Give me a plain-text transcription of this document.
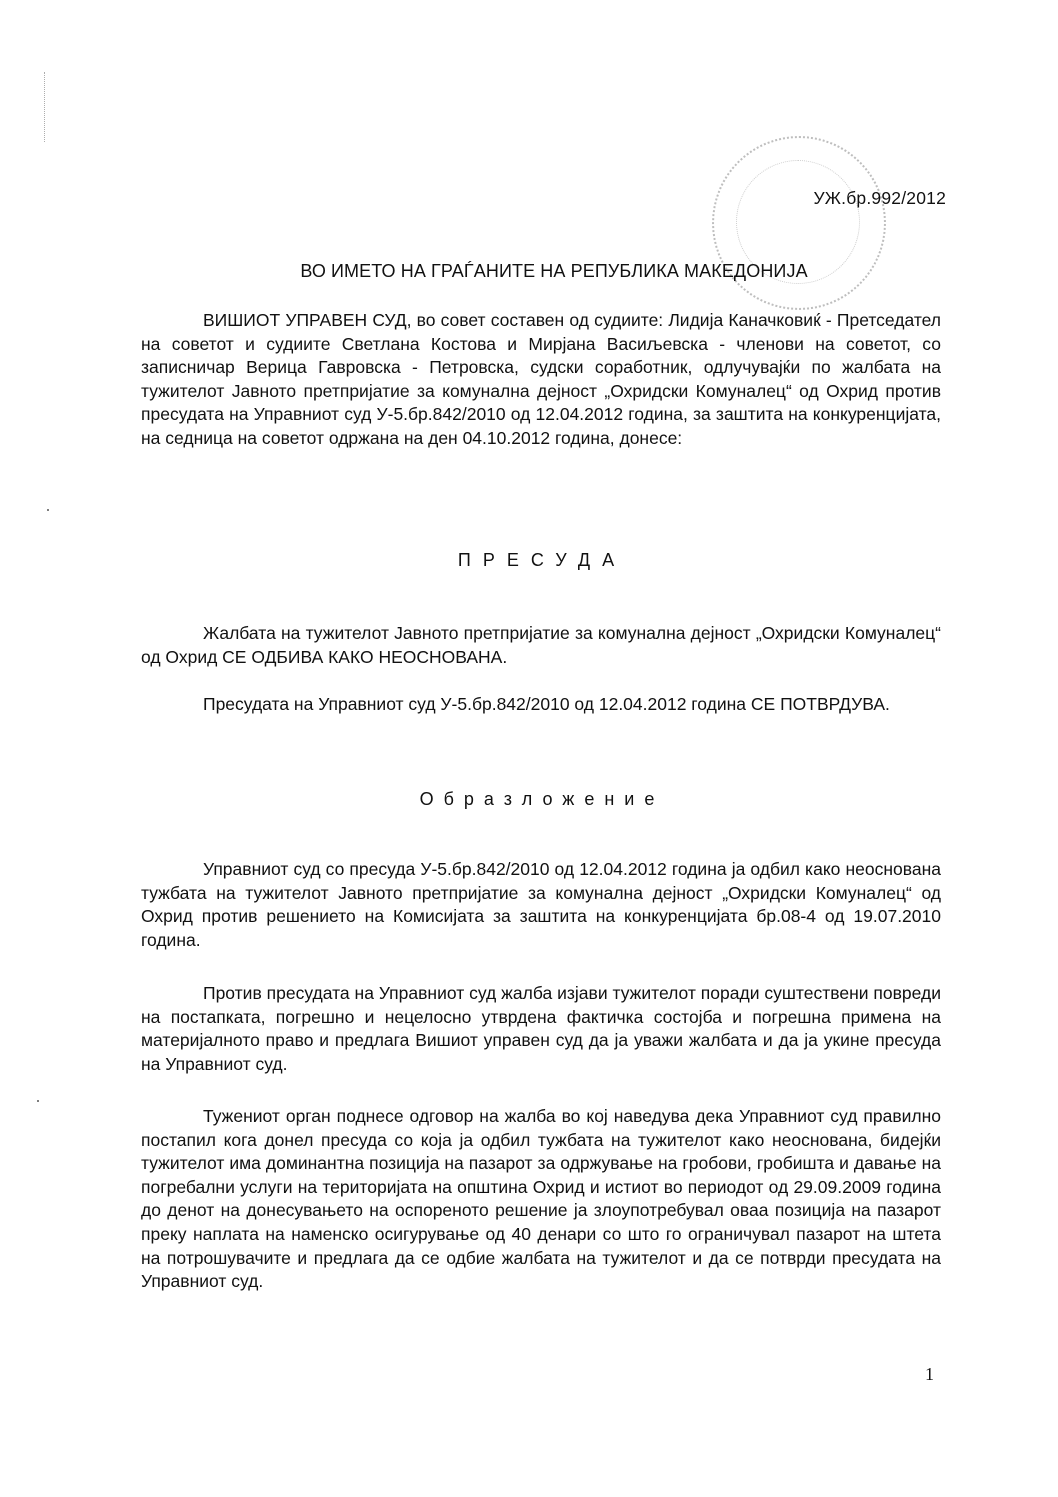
УЖ.бр.992/2012
ВО ИМЕТО НА ГРАЃАНИТЕ НА РЕПУБЛИКА МАКЕДОНИЈА
ВИШИОТ УПРАВЕН СУД, во совет составен од судиите: Лидија Каначковиќ - Претседател на советот и судиите Светлана Костова и Мирјана Васиљевска - членови на советот, со записничар Верица Гавровска - Петровска, судски соработник, одлучувајќи по жалбата на тужителот Јавното претпријатие за комунална дејност „Охридски Комуналец“ од Охрид против пресудата на Управниот суд У-5.бр.842/2010 од 12.04.2012 година, за заштита на конкуренцијата, на седница на советот одржана на ден 04.10.2012 година, донесе:
ПРЕСУДА
Жалбата на тужителот Јавното претпријатие за комунална дејност „Охридски Комуналец“ од Охрид СЕ ОДБИВА КАКО НЕОСНОВАНА.
Пресудата на Управниот суд У-5.бр.842/2010 од 12.04.2012 година СЕ ПОТВРДУВА.
Образложение
Управниот суд со пресуда У-5.бр.842/2010 од 12.04.2012 година ја одбил како неоснована тужбата на тужителот Јавното претпријатие за комунална дејност „Охридски Комуналец“ од Охрид против решението на Комисијата за заштита на конкуренцијата бр.08-4 од 19.07.2010 година.
Против пресудата на Управниот суд жалба изјави тужителот поради суштествени повреди на постапката, погрешно и нецелосно утврдена фактичка состојба и погрешна примена на материјалното право и предлага Вишиот управен суд да ја уважи жалбата и да ја укине пресуда на Управниот суд.
Тужениот орган поднесе одговор на жалба во кој наведува дека Управниот суд правилно постапил кога донел пресуда со која ја одбил тужбата на тужителот како неоснована, бидејќи тужителот има доминантна позиција на пазарот за одржување на гробови, гробишта и давање на погребални услуги на територијата на општина Охрид и истиот во периодот од 29.09.2009 година до денот на донесувањето на оспореното решение ја злоупотребувал оваа позиција на пазарот преку наплата на наменско осигурување од 40 денари со што го ограничувал пазарот на штета на потрошувачите и предлага да се одбие жалбата на тужителот и да се потврди пресудата на Управниот суд.
1
